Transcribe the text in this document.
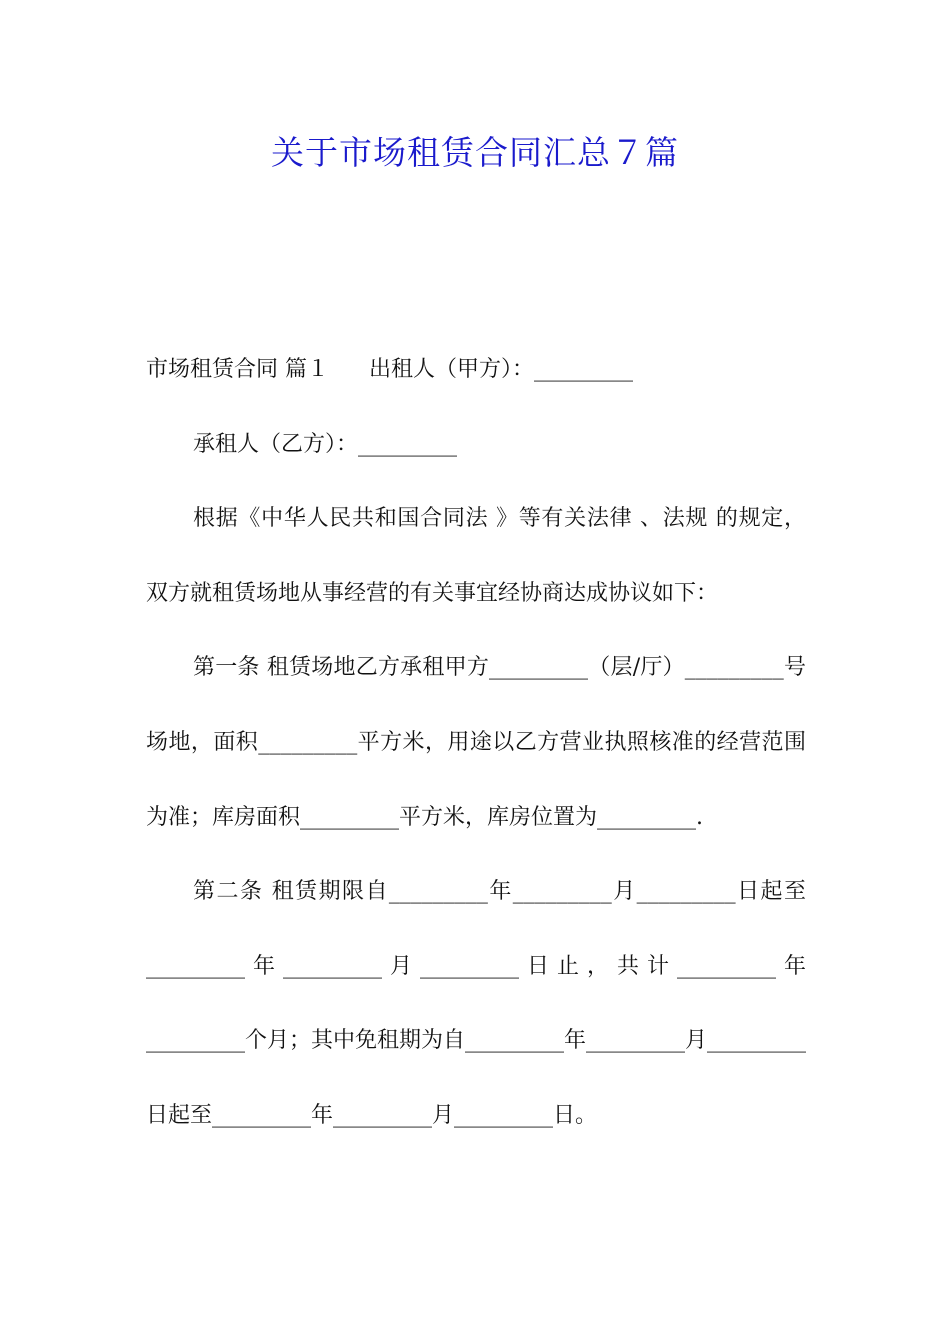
关于市场租赁合同汇总７篇

市场租赁合同 篇１ 出租人（甲方）：_________

承租人（乙方）：_________

根据《中华人民共和国合同法 》等有关法律 、法规 的规定，双方就租赁场地从事经营的有关事宜经协商达成协议如下：

第一条 租赁场地乙方承租甲方_________（层/厅）_________号场地，面积_________平方米，用途以乙方营业执照核准的经营范围为准；库房面积_________平方米，库房位置为_________.

第二条 租赁期限自_________年_________月_________日起至_________年_________月_________日止，共计_________年_________个月；其中免租期为自_________年_________月_________日起至_________年_________月_________日。
